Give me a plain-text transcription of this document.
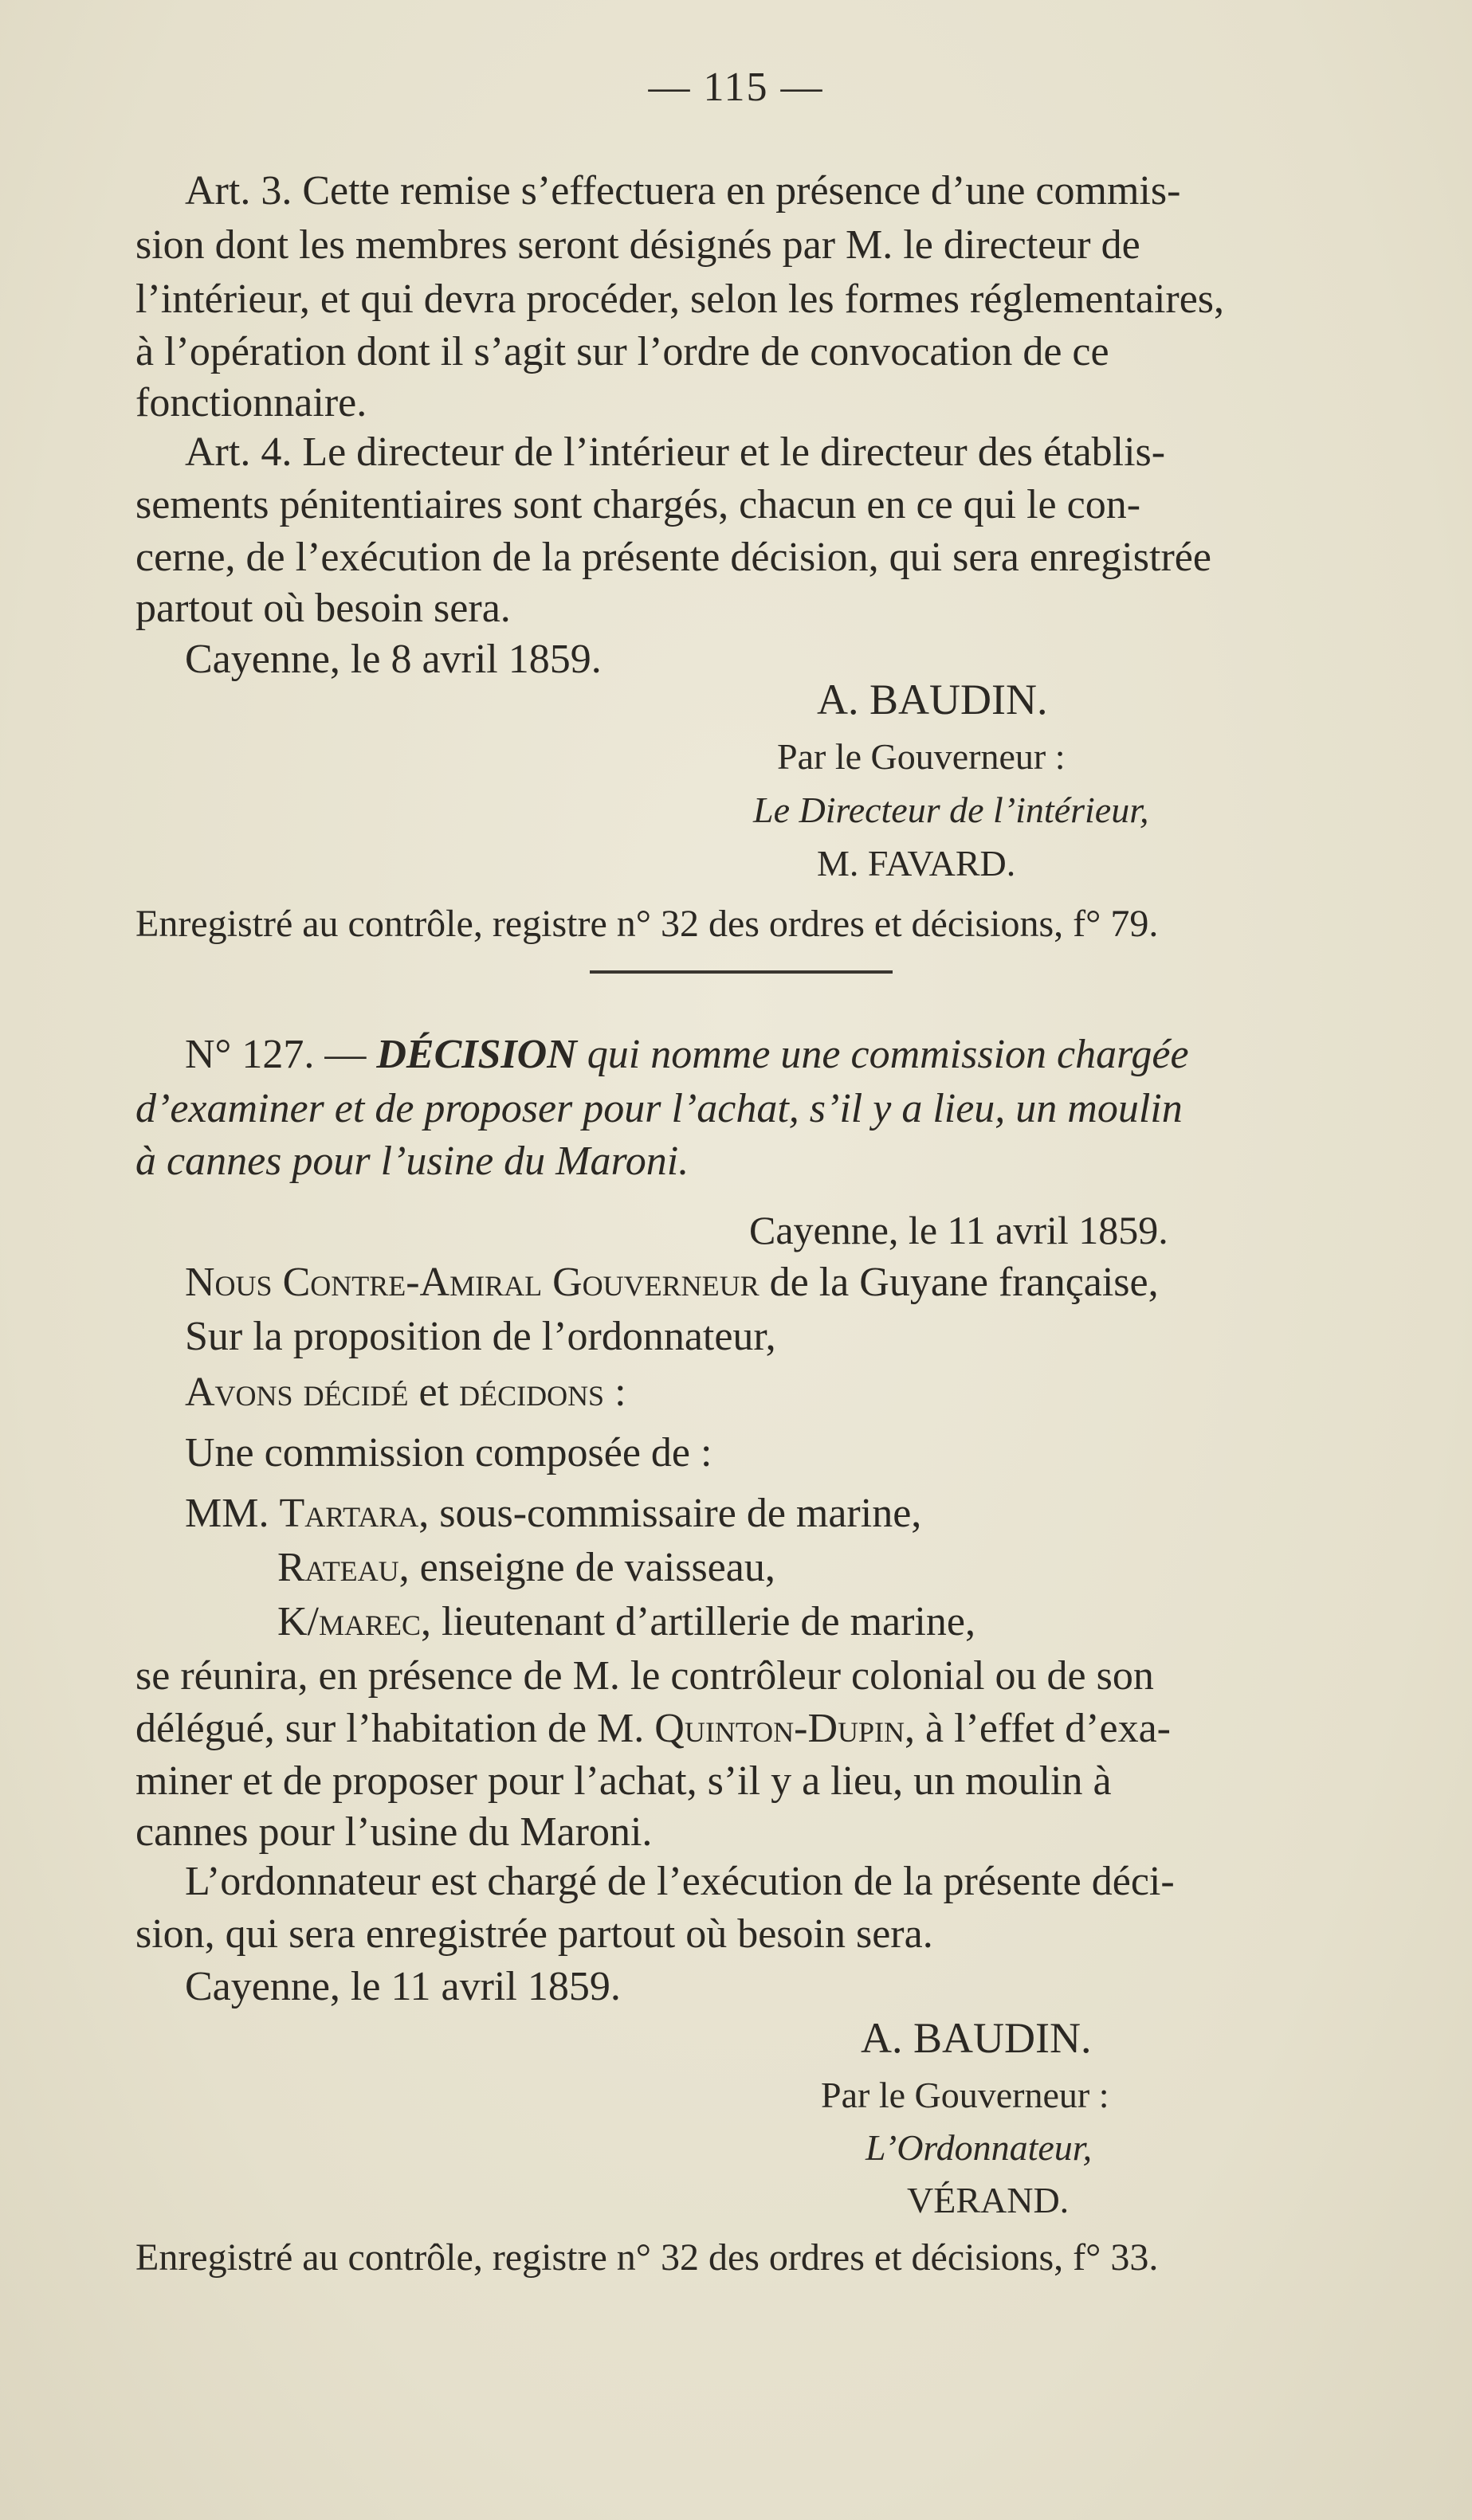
— 115 —
Art. 3. Cette remise s’effectuera en présence d’une commis-
sion dont les membres seront désignés par M. le directeur de
l’intérieur, et qui devra procéder, selon les formes réglementaires,
à l’opération dont il s’agit sur l’ordre de convocation de ce
fonctionnaire.
Art. 4. Le directeur de l’intérieur et le directeur des établis-
sements pénitentiaires sont chargés, chacun en ce qui le con-
cerne, de l’exécution de la présente décision, qui sera enregistrée
partout où besoin sera.
Cayenne, le 8 avril 1859.
A. BAUDIN.
Par le Gouverneur :
Le Directeur de l’intérieur,
M. FAVARD.
Enregistré au contrôle, registre n° 32 des ordres et décisions, f° 79.
N° 127. — DÉCISION qui nomme une commission chargée
d’examiner et de proposer pour l’achat, s’il y a lieu, un moulin
à cannes pour l’usine du Maroni.
Cayenne, le 11 avril 1859.
Nous Contre-Amiral Gouverneur de la Guyane française,
Sur la proposition de l’ordonnateur,
Avons décidé et décidons :
Une commission composée de :
MM. Tartara, sous-commissaire de marine,
Rateau, enseigne de vaisseau,
K/marec, lieutenant d’artillerie de marine,
se réunira, en présence de M. le contrôleur colonial ou de son
délégué, sur l’habitation de M. Quinton-Dupin, à l’effet d’exa-
miner et de proposer pour l’achat, s’il y a lieu, un moulin à
cannes pour l’usine du Maroni.
L’ordonnateur est chargé de l’exécution de la présente déci-
sion, qui sera enregistrée partout où besoin sera.
Cayenne, le 11 avril 1859.
A. BAUDIN.
Par le Gouverneur :
L’Ordonnateur,
VÉRAND.
Enregistré au contrôle, registre n° 32 des ordres et décisions, f° 33.
